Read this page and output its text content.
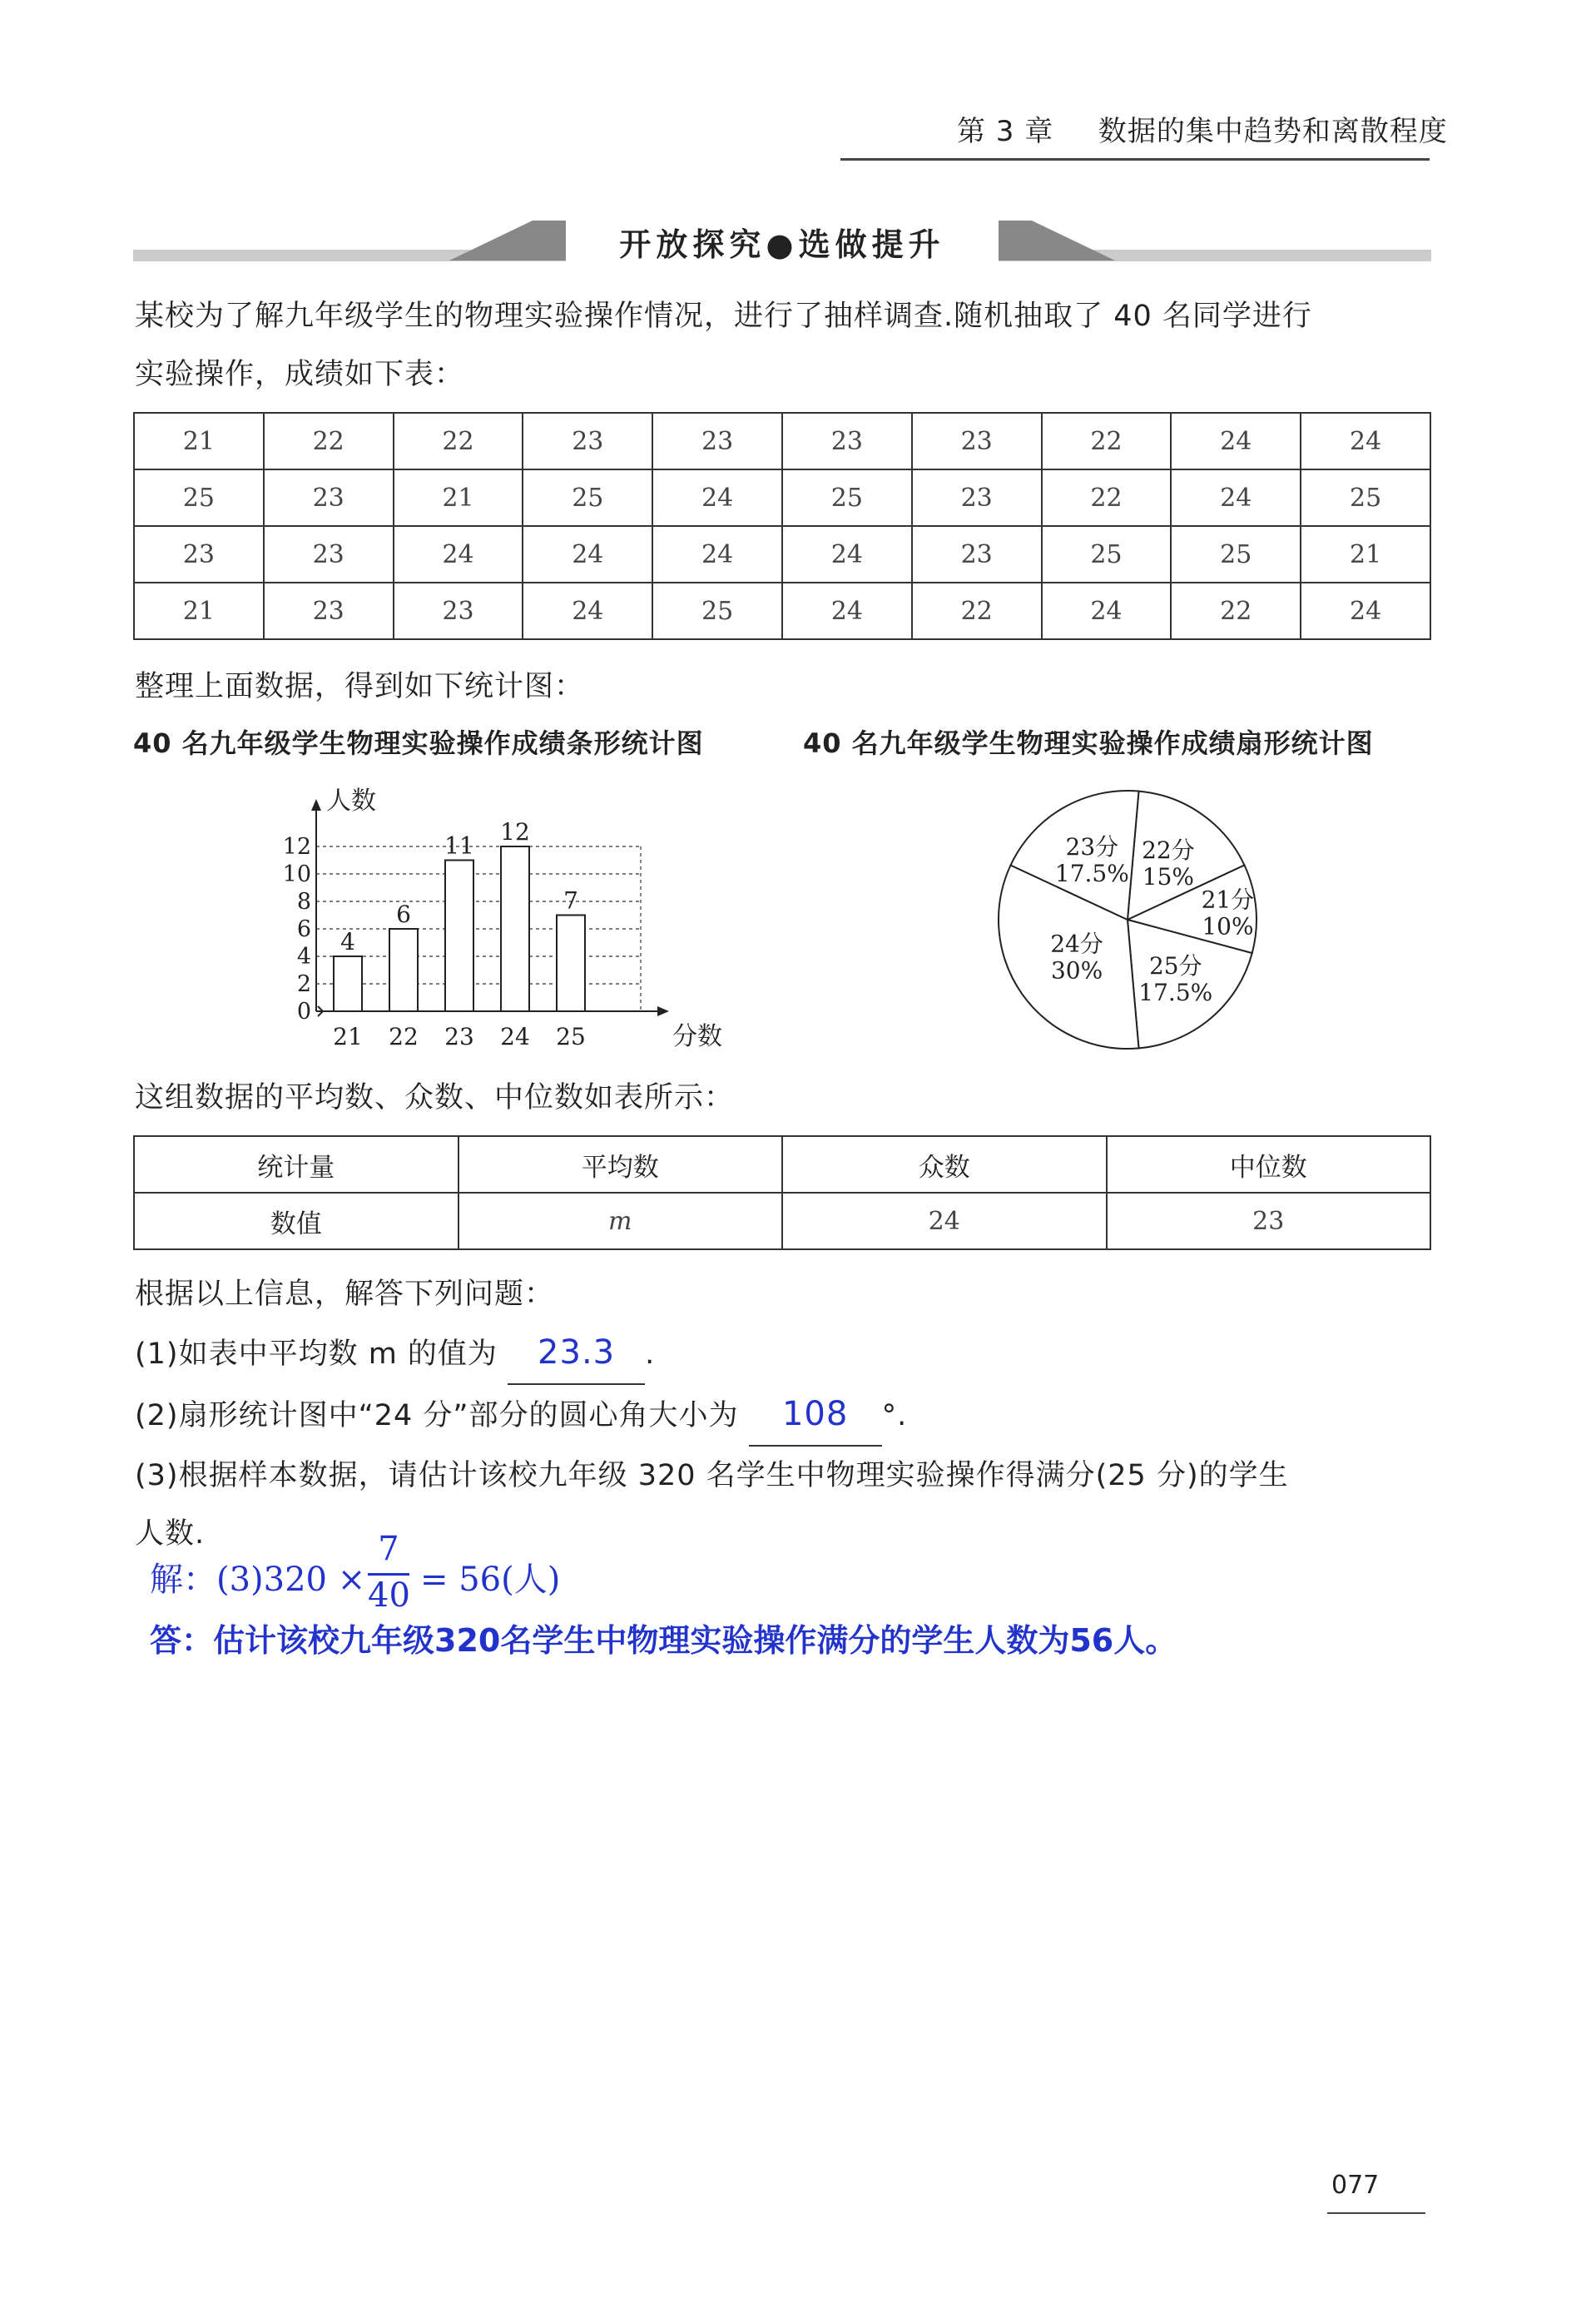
第 3 章 数据的集中趋势和离散程度
开放探究●选做提升
某校为了解九年级学生的物理实验操作情况，进行了抽样调查.随机抽取了 40 名同学进行
实验操作，成绩如下表：
21	22	22	23	23	23	23	22	24	24
25	23	21	25	24	25	23	22	24	25
23	23	24	24	24	24	23	25	25	21
21	23	23	24	25	24	22	24	22	24
整理上面数据，得到如下统计图：
40 名九年级学生物理实验操作成绩条形统计图	40 名九年级学生物理实验操作成绩扇形统计图
人数
分数
0
2
4
6
8
10
12
4
21
6
22
11
23
12
24
7
25
22分
15%
21分
10%
25分
17.5%
24分
30%
23分
17.5%
这组数据的平均数、众数、中位数如表所示：
统计量	平均数	众数	中位数
数值	m	24	23
根据以上信息，解答下列问题：
(1)如表中平均数 m 的值为 23.3 .
(2)扇形统计图中“24 分”部分的圆心角大小为 108 °.
(3)根据样本数据，请估计该校九年级 320 名学生中物理实验操作得满分(25 分)的学生
人数.
解：(3)320 ×
7
40 = 56(人)
答：估计该校九年级320名学生中物理实验操作满分的学生人数为56人。
077
